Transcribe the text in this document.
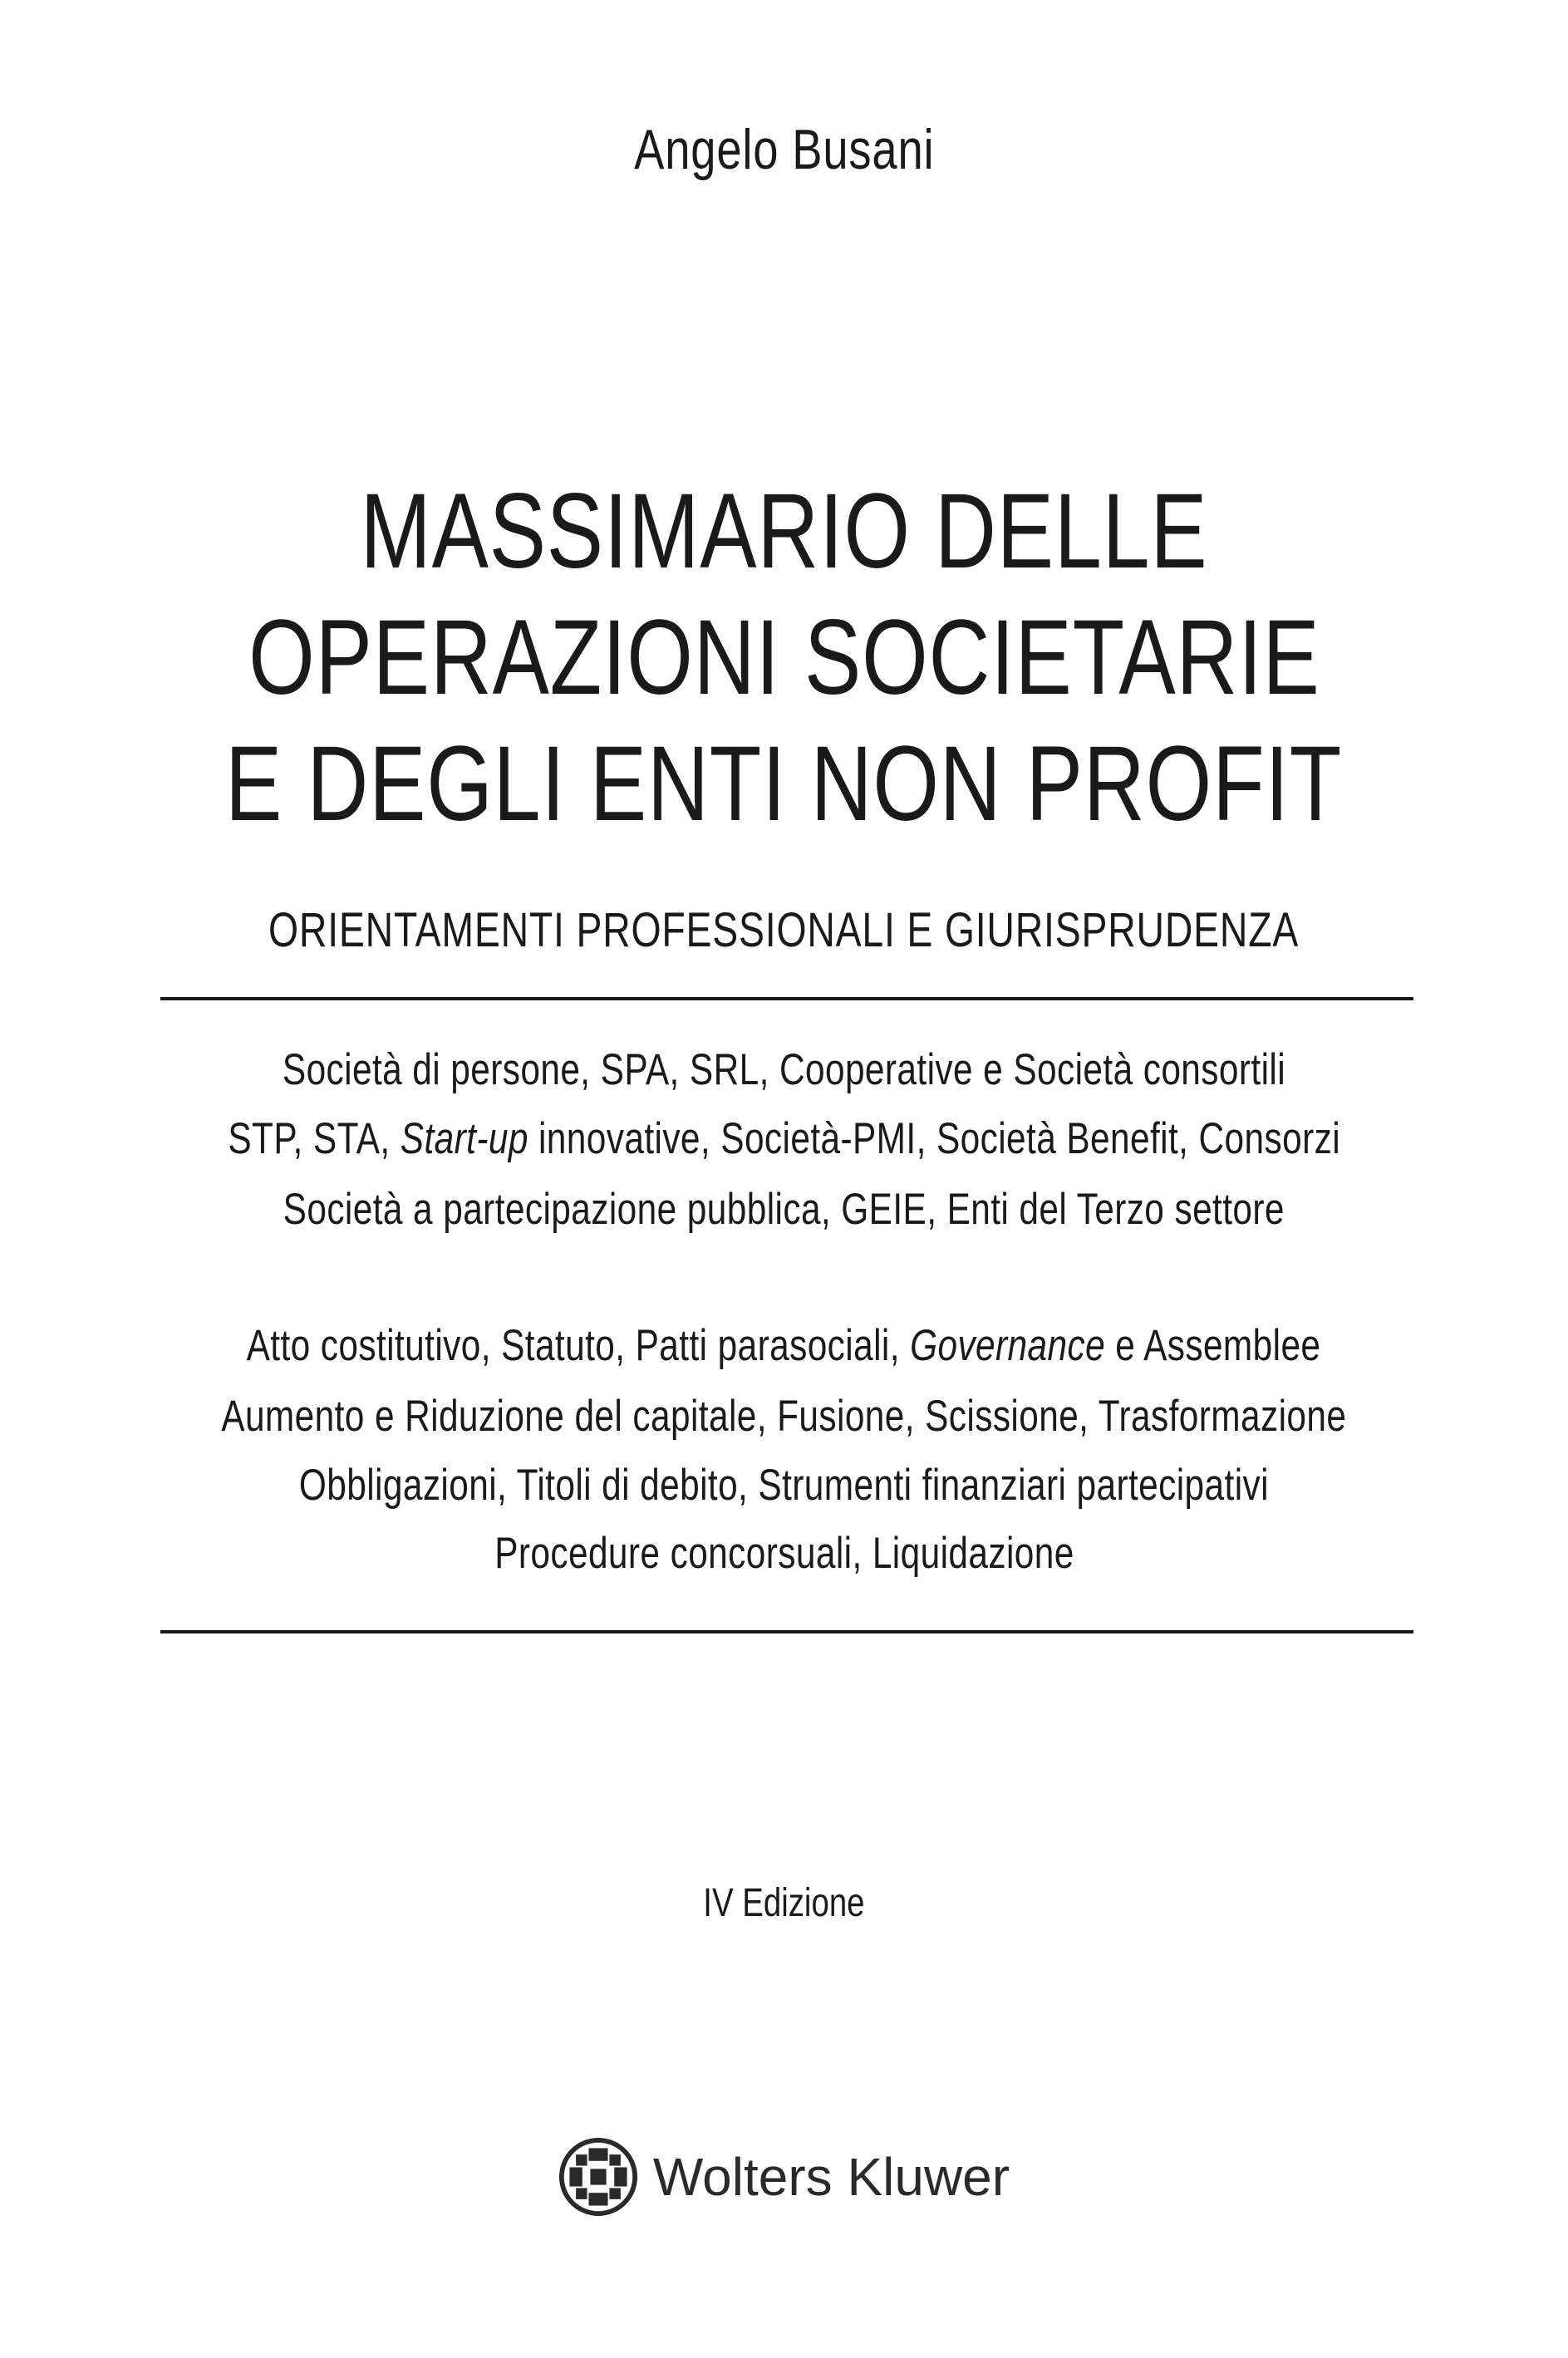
Angelo Busani
MASSIMARIO DELLE
OPERAZIONI SOCIETARIE
E DEGLI ENTI NON PROFIT
ORIENTAMENTI PROFESSIONALI E GIURISPRUDENZA
Società di persone, SPA, SRL, Cooperative e Società consortili
STP, STA, Start-up innovative, Società-PMI, Società Benefit, Consorzi
Società a partecipazione pubblica, GEIE, Enti del Terzo settore
Atto costitutivo, Statuto, Patti parasociali, Governance e Assemblee
Aumento e Riduzione del capitale, Fusione, Scissione, Trasformazione
Obbligazioni, Titoli di debito, Strumenti finanziari partecipativi
Procedure concorsuali, Liquidazione
IV Edizione
Wolters Kluwer
